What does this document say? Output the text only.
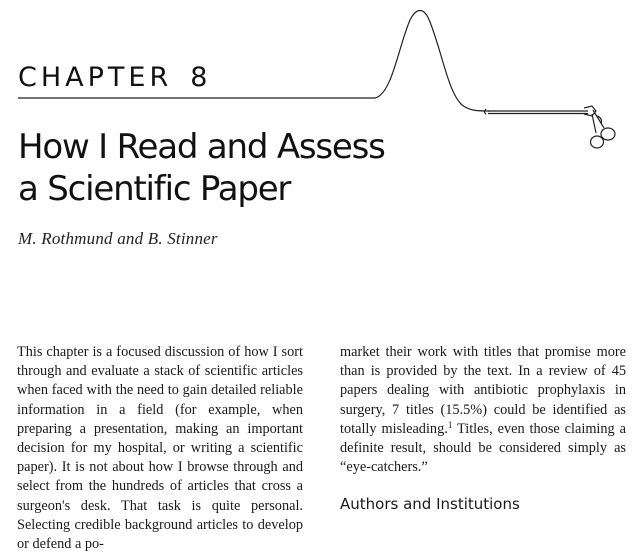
CHAPTER 8
How I Read and Assess
a Scientific Paper
M. Rothmund and B. Stinner

This chapter is a focused discussion of how I sort through and evaluate a stack of scientific articles when faced with the need to gain detailed reliable information in a field (for example, when preparing a presentation, making an important decision for my hospital, or writing a scientific paper). It is not about how I browse through and select from the hundreds of articles that cross a surgeon's desk. That task is quite personal. Selecting credible background articles to develop or defend a po-

market their work with titles that promise more than is provided by the text. In a review of 45 papers dealing with antibiotic prophylaxis in surgery, 7 titles (15.5%) could be identified as totally misleading.$^1$ Titles, even those claiming a definite result, should be considered simply as “eye-catchers.”

Authors and Institutions
